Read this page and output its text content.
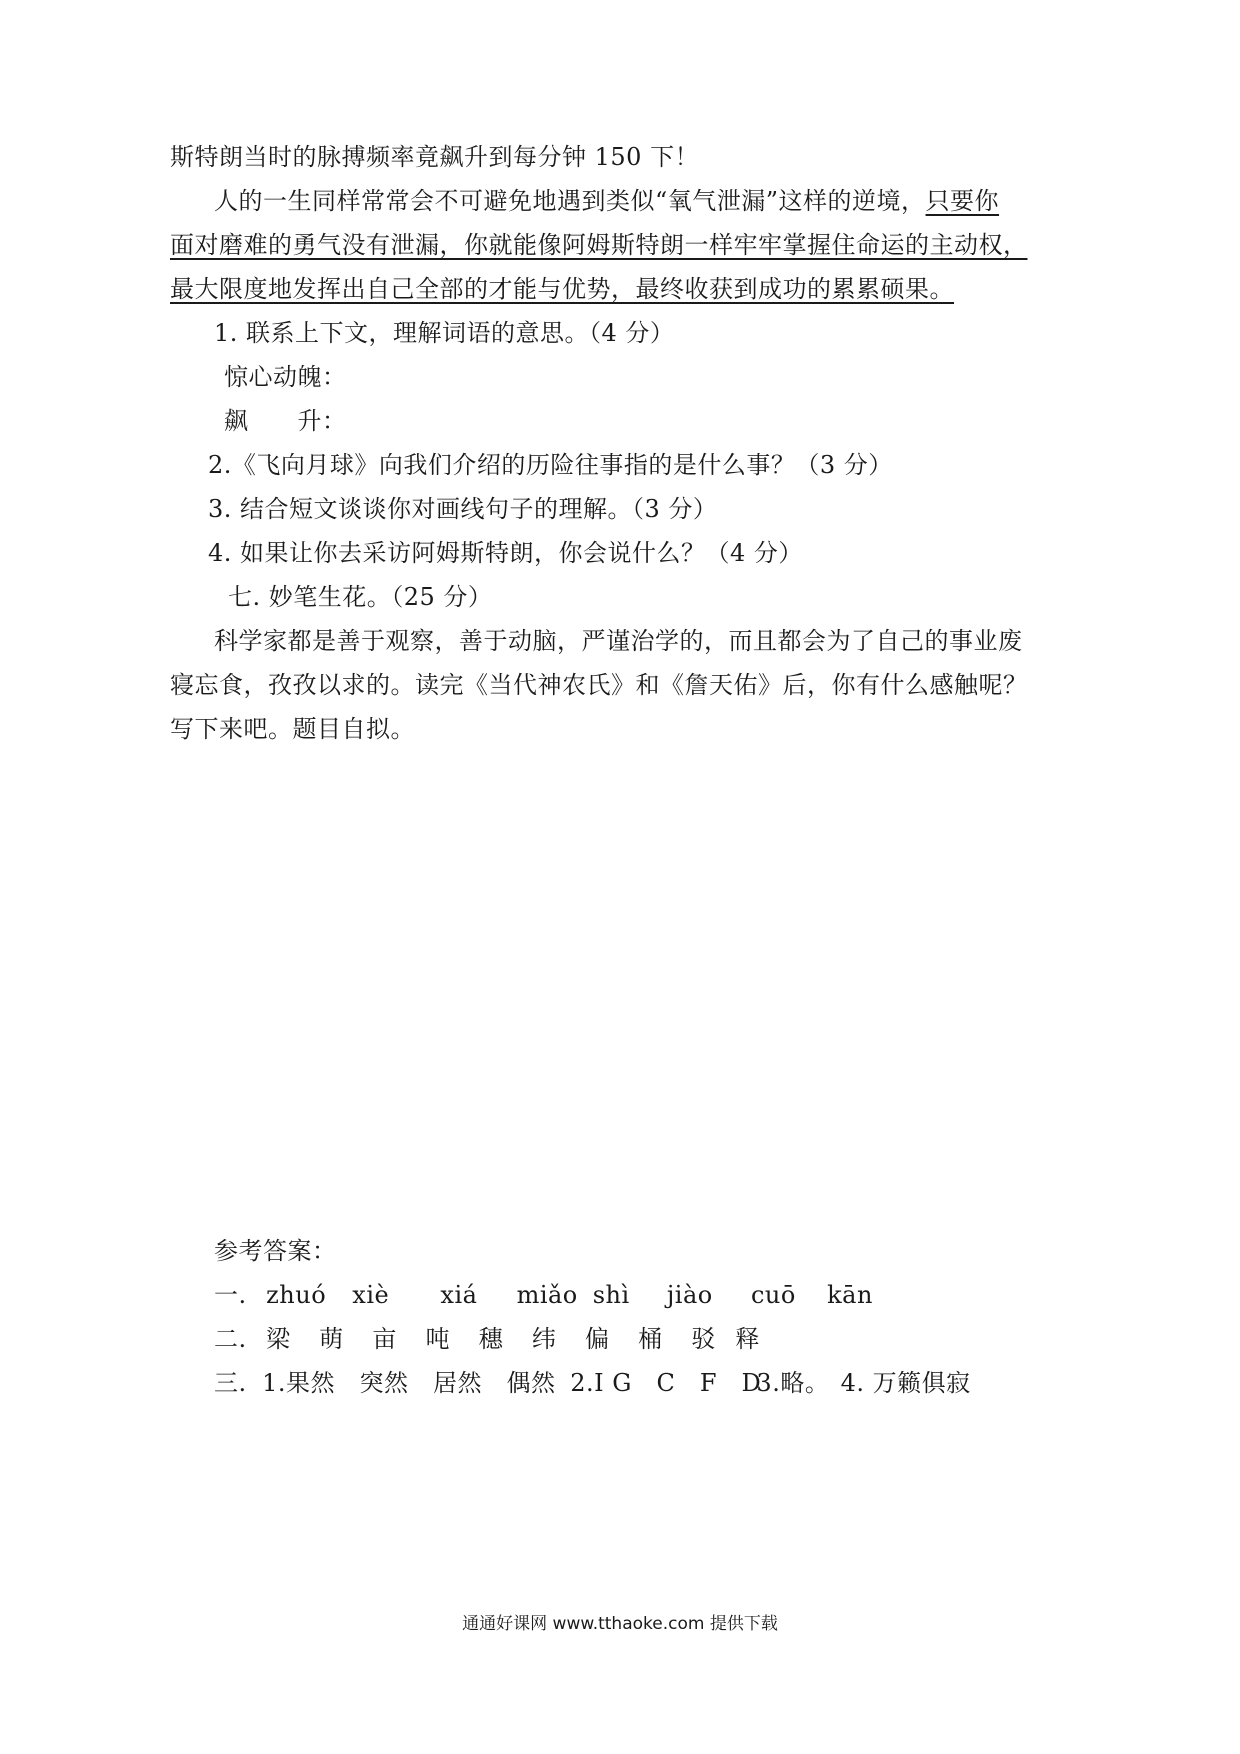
斯特朗当时的脉搏频率竟飙升到每分钟 150 下！
人的一生同样常常会不可避免地遇到类似“氧气泄漏”这样的逆境，只要你
面对磨难的勇气没有泄漏，你就能像阿姆斯特朗一样牢牢掌握住命运的主动权，
最大限度地发挥出自己全部的才能与优势，最终收获到成功的累累硕果。
1. 联系上下文，理解词语的意思。（4 分）
惊心动魄：
飙　　升：
2.《飞向月球》向我们介绍的历险往事指的是什么事？（3 分）
3. 结合短文谈谈你对画线句子的理解。（3 分）
4. 如果让你去采访阿姆斯特朗，你会说什么？（4 分）
七. 妙笔生花。（25 分）
科学家都是善于观察，善于动脑，严谨治学的，而且都会为了自己的事业废
寝忘食，孜孜以求的。读完《当代神农氏》和《詹天佑》后，你有什么感触呢？
写下来吧。题目自拟。
参考答案：
一. zhuó xiè xiá miǎo shì jiào cuō kān
二. 梁 萌 亩 吨 穗 纬 偏 桶 驳 释
三. 1.果然　突然　居然　偶然 2.I G　C　F　D 3.略。 4. 万籁俱寂
通通好课网 www.tthaoke.com 提供下载
